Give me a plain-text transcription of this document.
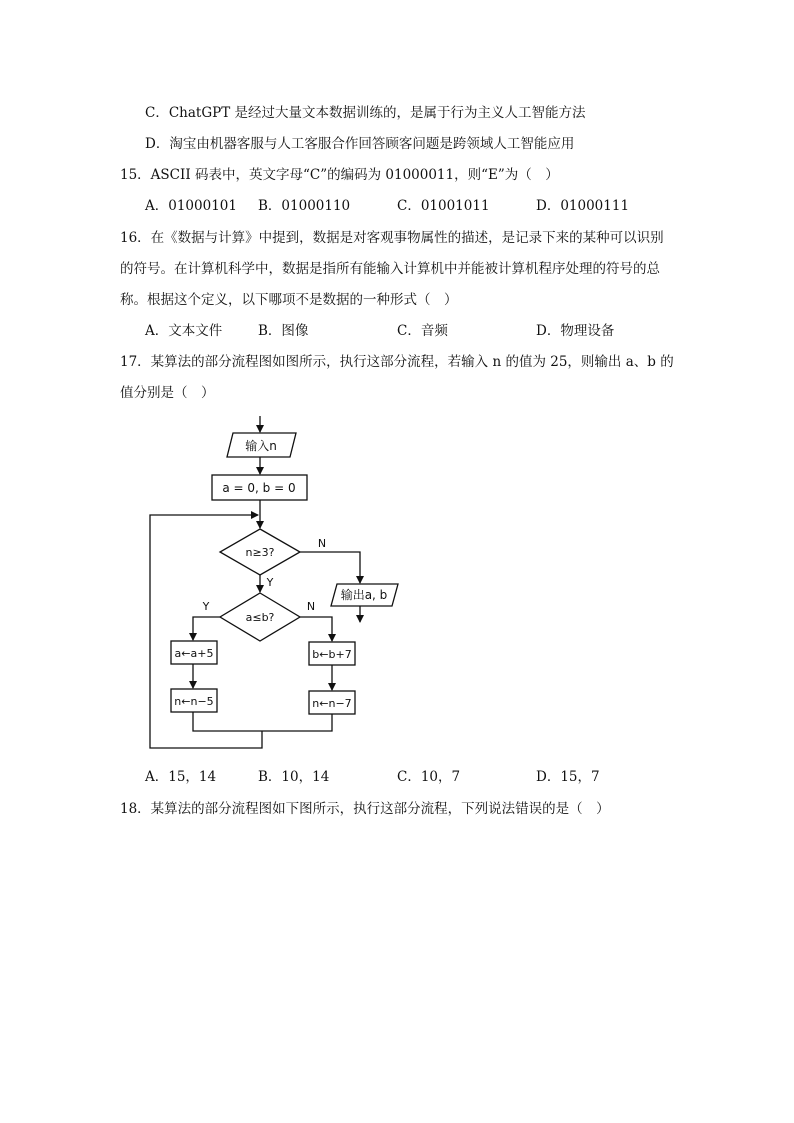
C．ChatGPT 是经过大量文本数据训练的，是属于行为主义人工智能方法
D．淘宝由机器客服与人工客服合作回答顾客问题是跨领域人工智能应用
15．ASCII 码表中，英文字母“C”的编码为 01000011，则“E”为（　）
A．01000101 B．01000110	C．01001011	D．01000111
16．在《数据与计算》中提到，数据是对客观事物属性的描述，是记录下来的某种可以识别
的符号。在计算机科学中，数据是指所有能输入计算机中并能被计算机程序处理的符号的总
称。根据这个定义，以下哪项不是数据的一种形式（　）
A．文本文件	B．图像	C．音频	D．物理设备
17．某算法的部分流程图如图所示，执行这部分流程，若输入 n 的值为 25，则输出 a、b 的
值分别是（　）
输入n
a = 0, b = 0
n≥3?
N
Y
输出a, b
a≤b?
Y	N
a←a+5
n←n−5
b←b+7
n←n−7
A．15，14	B．10，14	C．10，7	D．15，7
18．某算法的部分流程图如下图所示，执行这部分流程，下列说法错误的是（　）
